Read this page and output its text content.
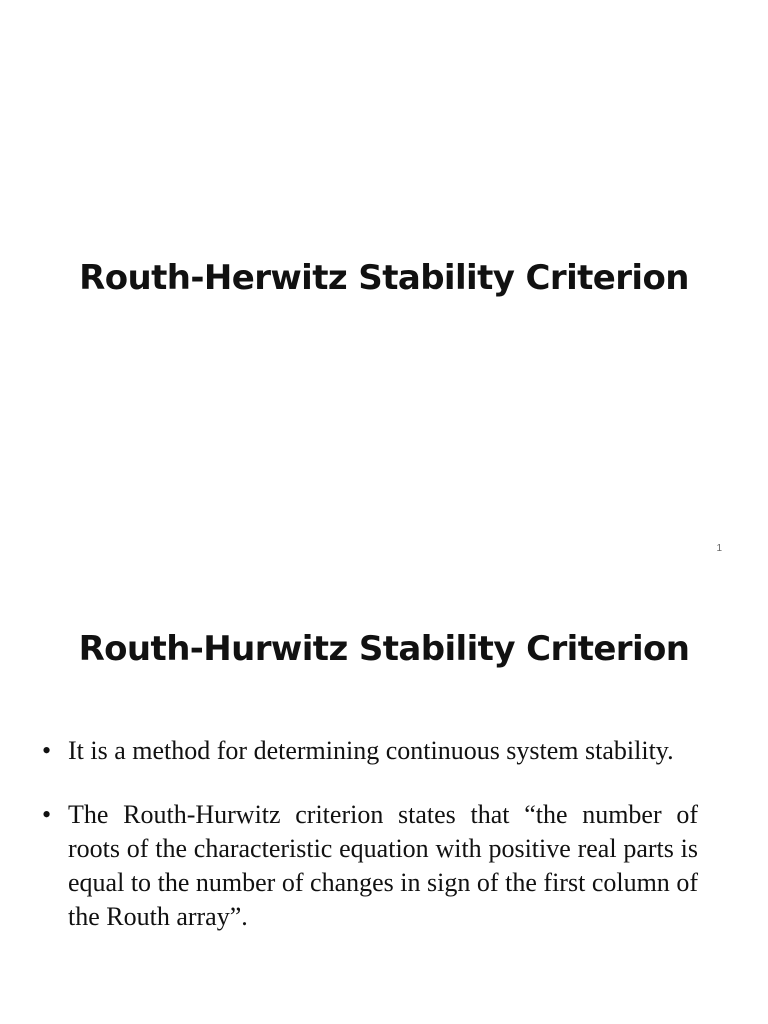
Routh-Herwitz Stability Criterion
1
Routh-Hurwitz Stability Criterion
• It is a method for determining continuous system stability.
• The Routh-Hurwitz criterion states that “the number of roots of the characteristic equation with positive real parts is equal to the number of changes in sign of the first column of the Routh array”.
